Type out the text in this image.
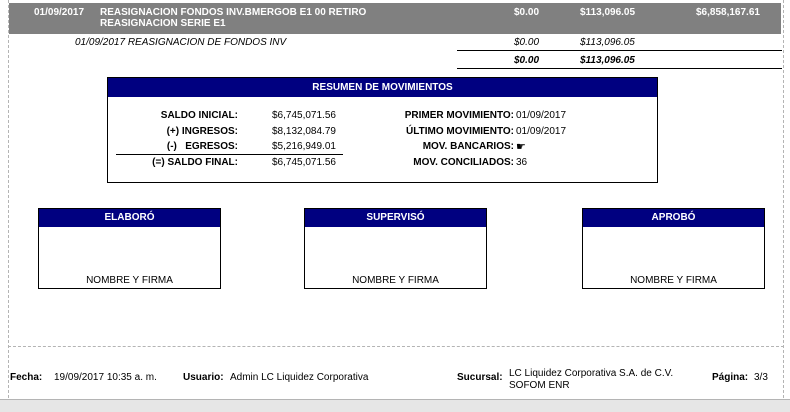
01/09/2017 REASIGNACION FONDOS INV.BMERGOB E1 00 RETIRO
REASIGNACION SERIE E1
$0.00	$113,096.05	$6,858,167.61
01/09/2017 REASIGNACION DE FONDOS INV	$0.00	$113,096.05
$0.00	$113,096.05
RESUMEN DE MOVIMIENTOS
SALDO INICIAL:	$6,745,071.56
(+) INGRESOS:	$8,132,084.79
(-)   EGRESOS:	$5,216,949.01
(=) SALDO FINAL:	$6,745,071.56
PRIMER MOVIMIENTO: 01/09/2017
ÚLTIMO MOVIMIENTO: 01/09/2017
MOV. BANCARIOS: ☛
MOV. CONCILIADOS: 36
ELABORÓ
NOMBRE Y FIRMA
SUPERVISÓ
NOMBRE Y FIRMA
APROBÓ
NOMBRE Y FIRMA
Fecha: 19/09/2017 10:35 a. m.	Usuario: Admin LC Liquidez Corporativa	Sucursal: LC Liquidez Corporativa S.A. de C.V.
SOFOM ENR
Página: 3/3
